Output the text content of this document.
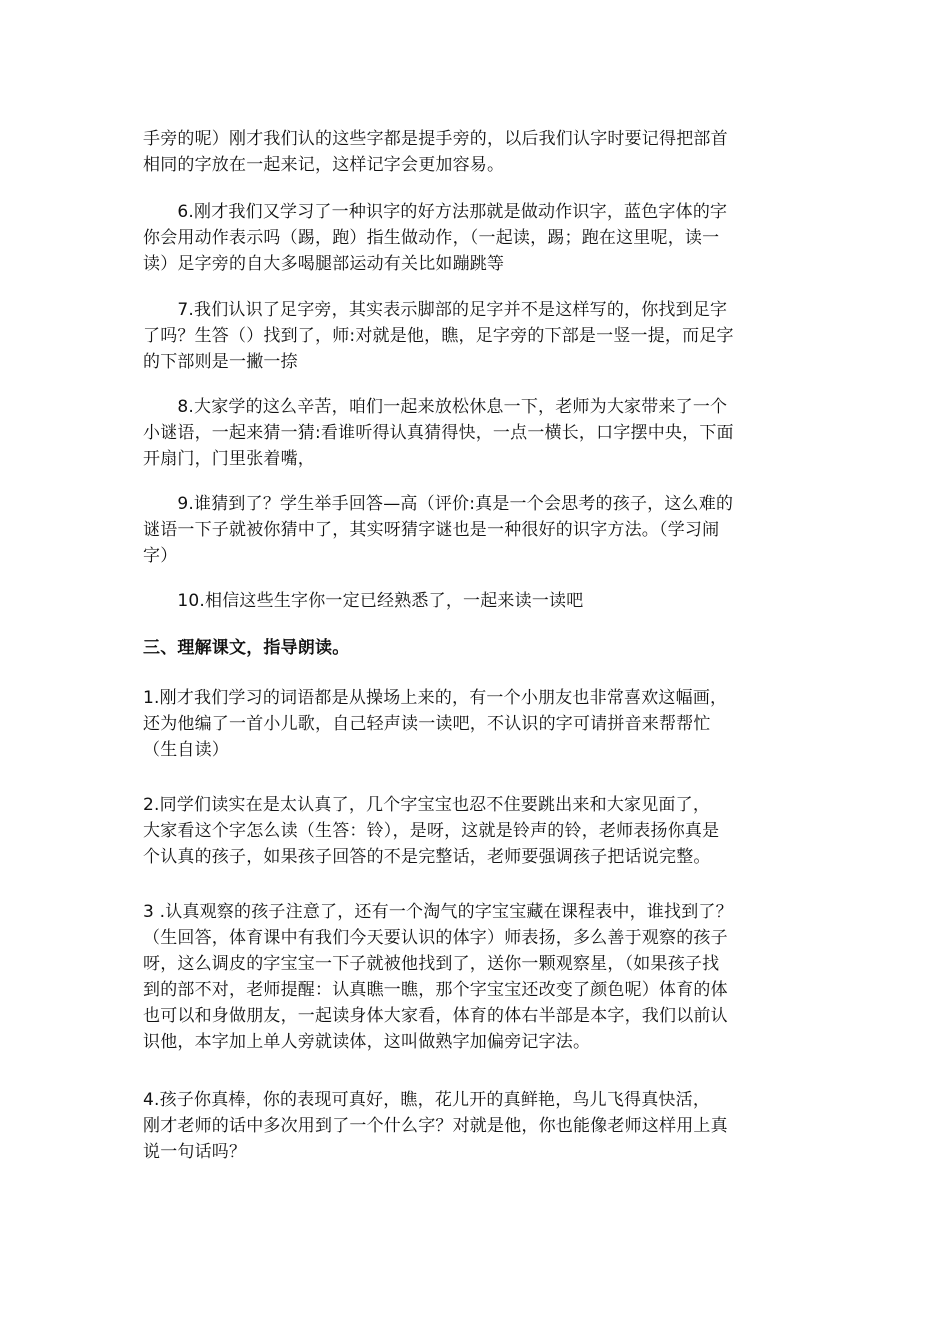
手旁的呢）刚才我们认的这些字都是提手旁的，以后我们认字时要记得把部首
相同的字放在一起来记，这样记字会更加容易。
　　6.刚才我们又学习了一种识字的好方法那就是做动作识字，蓝色字体的字
你会用动作表示吗（踢，跑）指生做动作，（一起读，踢；跑在这里呢，读一
读）足字旁的自大多喝腿部运动有关比如蹦跳等
　　7.我们认识了足字旁，其实表示脚部的足字并不是这样写的，你找到足字
了吗？生答（）找到了，师:对就是他，瞧，足字旁的下部是一竖一提，而足字
的下部则是一撇一捺
　　8.大家学的这么辛苦，咱们一起来放松休息一下，老师为大家带来了一个
小谜语，一起来猜一猜:看谁听得认真猜得快，一点一横长，口字摆中央，下面
开扇门，门里张着嘴，
　　9.谁猜到了？学生举手回答—高（评价:真是一个会思考的孩子，这么难的
谜语一下子就被你猜中了，其实呀猜字谜也是一种很好的识字方法。（学习闹
字）
　　10.相信这些生字你一定已经熟悉了，一起来读一读吧
三、理解课文，指导朗读。
1.刚才我们学习的词语都是从操场上来的，有一个小朋友也非常喜欢这幅画，
还为他编了一首小儿歌，自己轻声读一读吧，不认识的字可请拼音来帮帮忙
（生自读）
2.同学们读实在是太认真了，几个字宝宝也忍不住要跳出来和大家见面了，
大家看这个字怎么读（生答：铃），是呀，这就是铃声的铃，老师表扬你真是
个认真的孩子，如果孩子回答的不是完整话，老师要强调孩子把话说完整。
3 .认真观察的孩子注意了，还有一个淘气的字宝宝藏在课程表中，谁找到了？
（生回答，体育课中有我们今天要认识的体字）师表扬，多么善于观察的孩子
呀，这么调皮的字宝宝一下子就被他找到了，送你一颗观察星，（如果孩子找
到的部不对，老师提醒：认真瞧一瞧，那个字宝宝还改变了颜色呢）体育的体
也可以和身做朋友，一起读身体大家看，体育的体右半部是本字，我们以前认
识他，本字加上单人旁就读体，这叫做熟字加偏旁记字法。
4.孩子你真棒，你的表现可真好，瞧，花儿开的真鲜艳，鸟儿飞得真快活，
刚才老师的话中多次用到了一个什么字？对就是他，你也能像老师这样用上真
说一句话吗？
